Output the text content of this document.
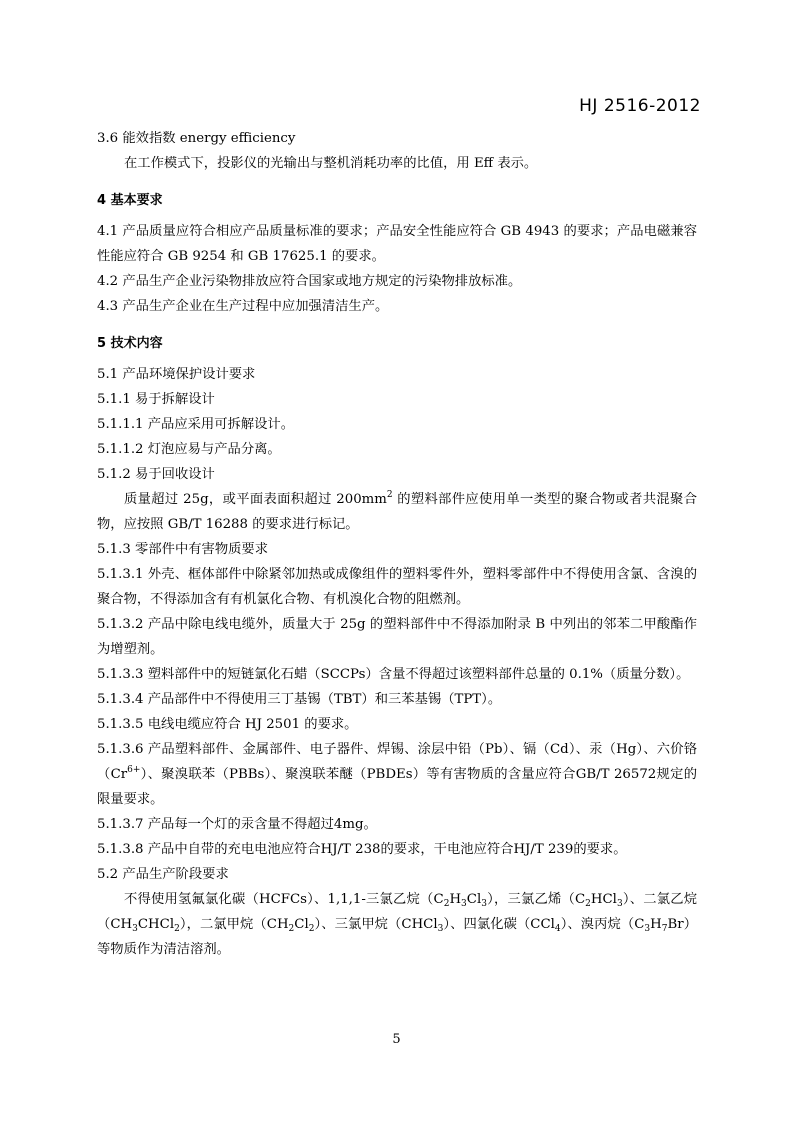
HJ 2516-2012
3.6 能效指数 energy efficiency
在工作模式下，投影仪的光输出与整机消耗功率的比值，用 Eff 表示。
4 基本要求
4.1 产品质量应符合相应产品质量标准的要求；产品安全性能应符合 GB 4943 的要求；产品电磁兼容性能应符合 GB 9254 和 GB 17625.1 的要求。
4.2 产品生产企业污染物排放应符合国家或地方规定的污染物排放标准。
4.3 产品生产企业在生产过程中应加强清洁生产。
5 技术内容
5.1 产品环境保护设计要求
5.1.1 易于拆解设计
5.1.1.1 产品应采用可拆解设计。
5.1.1.2 灯泡应易与产品分离。
5.1.2 易于回收设计
质量超过 25g，或平面表面积超过 $200mm^2$ 的塑料部件应使用单一类型的聚合物或者共混聚合物，应按照 GB/T 16288 的要求进行标记。
5.1.3 零部件中有害物质要求
5.1.3.1 外壳、框体部件中除紧邻加热或成像组件的塑料零件外，塑料零部件中不得使用含氯、含溴的聚合物，不得添加含有有机氯化合物、有机溴化合物的阻燃剂。
5.1.3.2 产品中除电线电缆外，质量大于 25g 的塑料部件中不得添加附录 B 中列出的邻苯二甲酸酯作为增塑剂。
5.1.3.3 塑料部件中的短链氯化石蜡（SCCPs）含量不得超过该塑料部件总量的 0.1%（质量分数）。
5.1.3.4 产品部件中不得使用三丁基锡（TBT）和三苯基锡（TPT）。
5.1.3.5 电线电缆应符合 HJ 2501 的要求。
5.1.3.6 产品塑料部件、金属部件、电子器件、焊锡、涂层中铅（Pb）、镉（Cd）、汞（Hg）、六价铬$(Cr^{6+})$、聚溴联苯（PBBs）、聚溴联苯醚（PBDEs）等有害物质的含量应符合GB/T 26572规定的限量要求。
5.1.3.7 产品每一个灯的汞含量不得超过4mg。
5.1.3.8 产品中自带的充电电池应符合HJ/T 238的要求，干电池应符合HJ/T 239的要求。
5.2 产品生产阶段要求
不得使用氢氟氯化碳（HCFCs）、1,1,1-三氯乙烷$(C_2H_3Cl_3)$，三氯乙烯$(C_2HCl_3)$、二氯乙烷$(CH_3CHCl_2)$，二氯甲烷$(CH_2Cl_2)$、三氯甲烷（CHCl$_3$）、四氯化碳（CCl$_4$）、溴丙烷$(C_3H_7Br)$等物质作为清洁溶剂。
5
